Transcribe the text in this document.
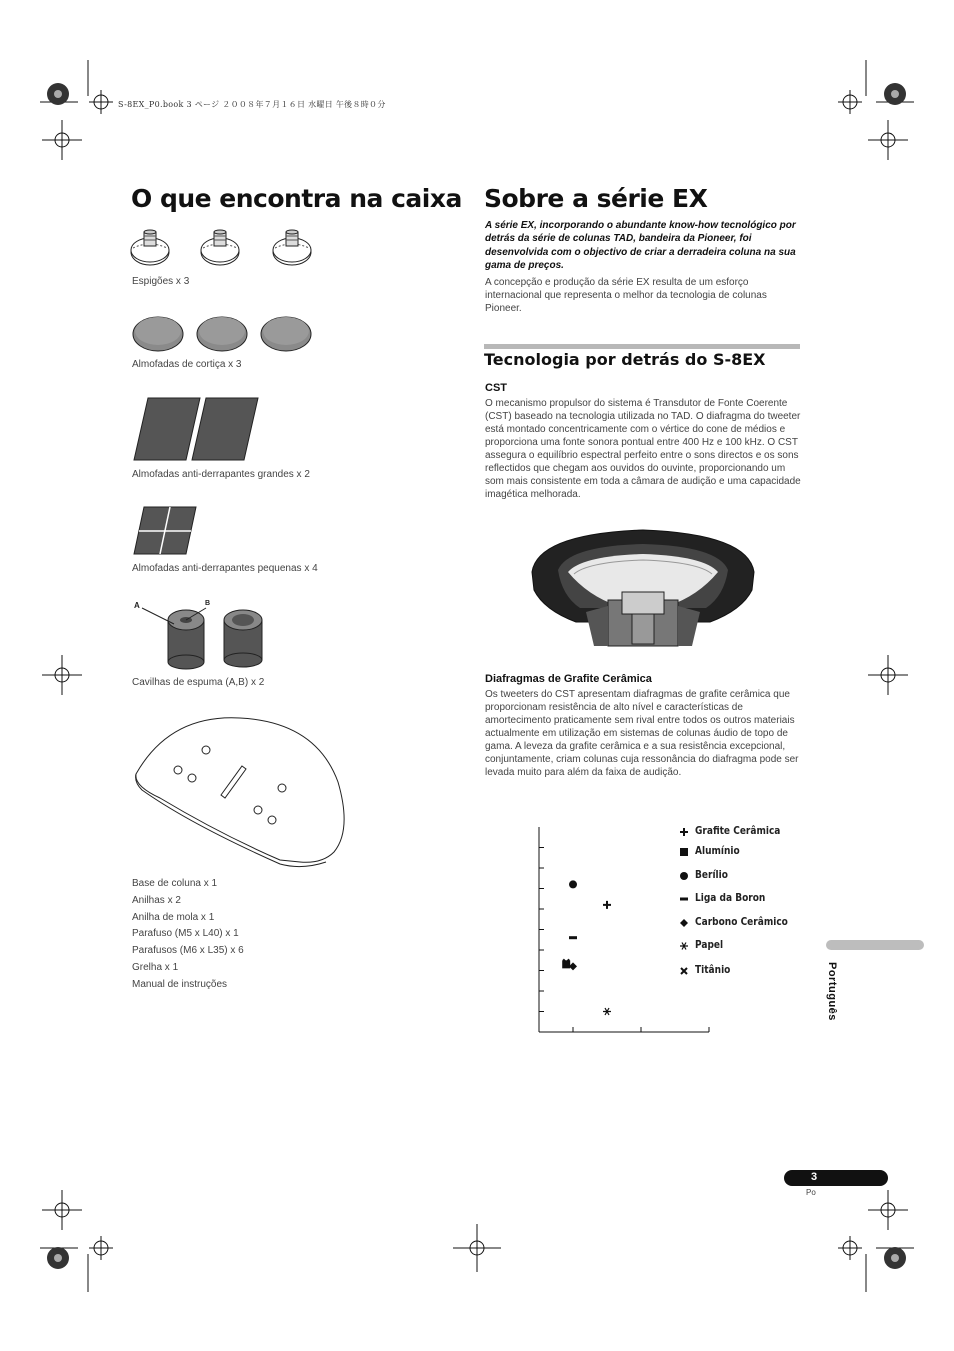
S-8EX_P0.book 3 ページ ２００８年７月１６日 水曜日 午後８時０分
O que encontra na caixa
Espigões x 3
Almofadas de cortiça x 3
Almofadas anti-derrapantes grandes x 2
Almofadas anti-derrapantes pequenas x 4
A	B
Cavilhas de espuma (A,B) x 2
Base de coluna x 1
Anilhas x 2
Anilha de mola x 1
Parafuso (M5 x L40) x 1
Parafusos (M6 x L35) x 6
Grelha x 1
Manual de instruções
Sobre a série EX
A série EX, incorporando o abundante know-how tecnológico por detrás da série de colunas TAD, bandeira da Pioneer, foi desenvolvida com o objectivo de criar a derradeira coluna na sua gama de preços.
A concepção e produção da série EX resulta de um esforço internacional que representa o melhor da tecnologia de colunas Pioneer.
Tecnologia por detrás do S-8EX
CST
O mecanismo propulsor do sistema é Transdutor de Fonte Coerente (CST) baseado na tecnologia utilizada no TAD. O diafragma do tweeter está montado concentricamente com o vértice do cone de médios e proporciona uma fonte sonora pontual entre 400 Hz e 100 kHz. O CST assegura o equilíbrio espectral perfeito entre o sons directos e os sons reflectidos que chegam aos ouvidos do ouvinte, proporcionando um som mais consistente em toda a câmara de audição e uma capacidade imagética melhorada.
Diafragmas de Grafite Cerâmica
Os tweeters do CST apresentam diafragmas de grafite cerâmica que proporcionam resistência de alto nível e características de amortecimento praticamente sem rival entre todos os outros materiais actualmente em utilização em sistemas de colunas áudio de topo de gama. A leveza da grafite cerâmica e a sua resistência excepcional, conjuntamente, criam colunas cuja ressonância do diafragma pode ser levada muito para além da faixa de audição.
Grafite Cerâmica
Alumínio
Berílio
Liga da Boron
Carbono Cerâmico
Papel
Titânio	Português
3
Po
